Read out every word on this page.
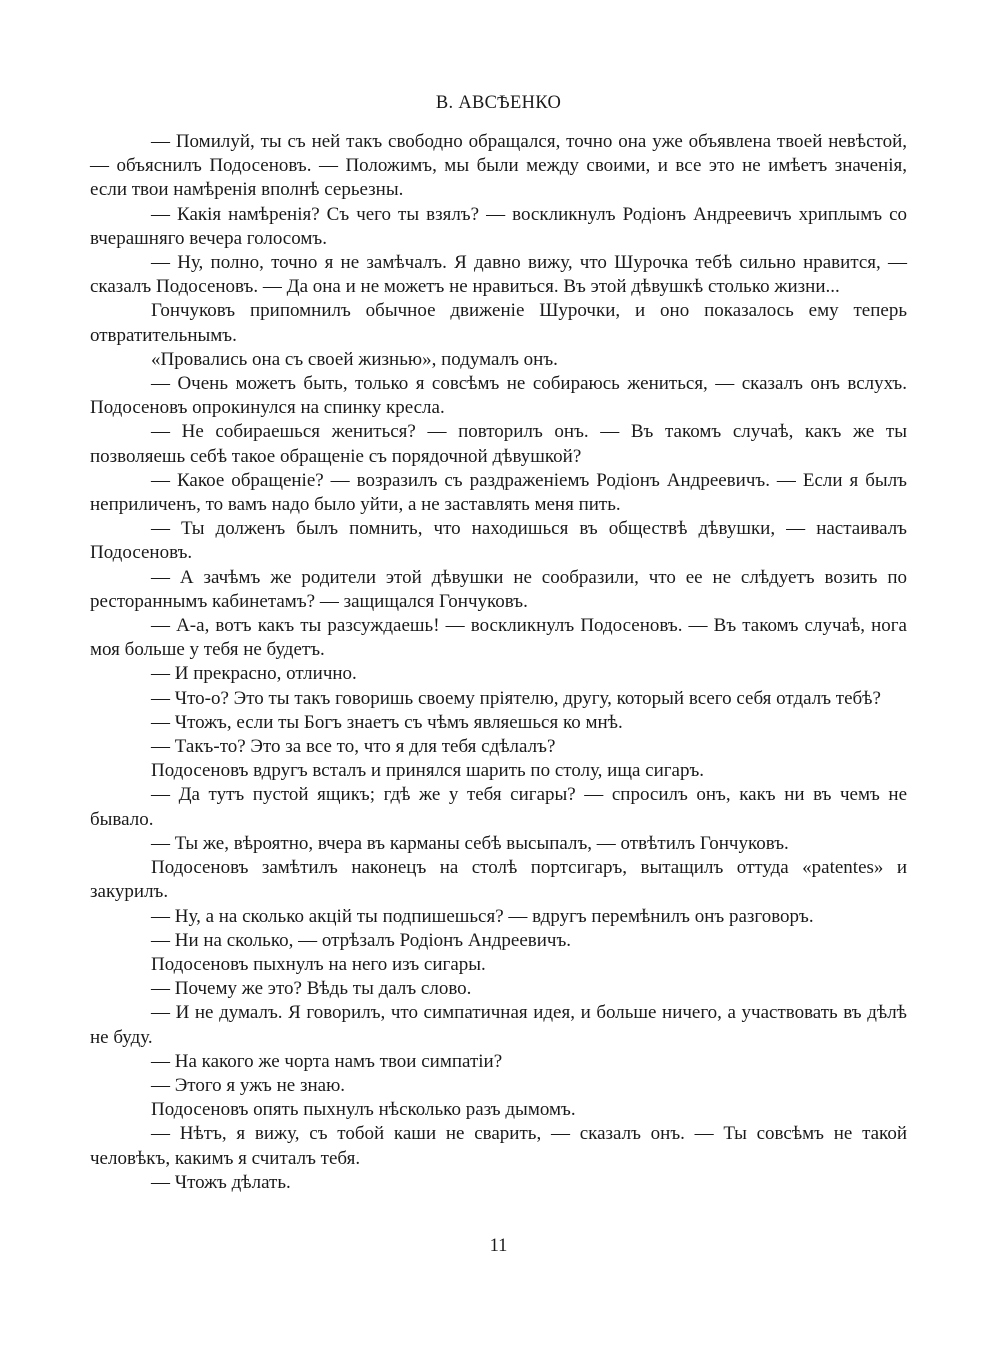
В. АВСѢЕНКО

— Помилуй, ты съ ней такъ свободно обращался, точно она уже объявлена твоей невѣстой, — объяснилъ Подосеновъ. — Положимъ, мы были между своими, и все это не имѣетъ значенія, если твои намѣренія вполнѣ серьезны.

— Какія намѣренія? Съ чего ты взялъ? — воскликнулъ Родіонъ Андреевичъ хриплымъ со вчерашняго вечера голосомъ.

— Ну, полно, точно я не замѣчалъ. Я давно вижу, что Шурочка тебѣ сильно нравится, — сказалъ Подосеновъ. — Да она и не можетъ не нравиться. Въ этой дѣвушкѣ столько жизни...

Гончуковъ припомнилъ обычное движеніе Шурочки, и оно показалось ему теперь отвратительнымъ.

«Провались она съ своей жизнью», подумалъ онъ.

— Очень можетъ быть, только я совсѣмъ не собираюсь жениться, — сказалъ онъ вслухъ. Подосеновъ опрокинулся на спинку кресла.

— Не собираешься жениться? — повторилъ онъ. — Въ такомъ случаѣ, какъ же ты позволяешь себѣ такое обращеніе съ порядочной дѣвушкой?

— Какое обращеніе? — возразилъ съ раздраженіемъ Родіонъ Андреевичъ. — Если я былъ неприличенъ, то вамъ надо было уйти, а не заставлять меня пить.

— Ты долженъ былъ помнить, что находишься въ обществѣ дѣвушки, — настаивалъ Подосеновъ.

— А зачѣмъ же родители этой дѣвушки не сообразили, что ее не слѣдуетъ возить по рестораннымъ кабинетамъ? — защищался Гончуковъ.

— А-а, вотъ какъ ты разсуждаешь! — воскликнулъ Подосеновъ. — Въ такомъ случаѣ, нога моя больше у тебя не будетъ.

— И прекрасно, отлично.

— Что-о? Это ты такъ говоришь своему пріятелю, другу, который всего себя отдалъ тебѣ?

— Чтожъ, если ты Богъ знаетъ съ чѣмъ являешься ко мнѣ.

— Такъ-то? Это за все то, что я для тебя сдѣлалъ?

Подосеновъ вдругъ всталъ и принялся шарить по столу, ища сигаръ.

— Да тутъ пустой ящикъ; гдѣ же у тебя сигары? — спросилъ онъ, какъ ни въ чемъ не бывало.

— Ты же, вѣроятно, вчера въ карманы себѣ высыпалъ, — отвѣтилъ Гончуковъ.

Подосеновъ замѣтилъ наконецъ на столѣ портсигаръ, вытащилъ оттуда «patentes» и закурилъ.

— Ну, а на сколько акцій ты подпишешься? — вдругъ перемѣнилъ онъ разговоръ.

— Ни на сколько, — отрѣзалъ Родіонъ Андреевичъ.

Подосеновъ пыхнулъ на него изъ сигары.

— Почему же это? Вѣдь ты далъ слово.

— И не думалъ. Я говорилъ, что симпатичная идея, и больше ничего, а участвовать въ дѣлѣ не буду.

— На какого же чорта намъ твои симпатіи?

— Этого я ужъ не знаю.

Подосеновъ опять пыхнулъ нѣсколько разъ дымомъ.

— Нѣтъ, я вижу, съ тобой каши не сварить, — сказалъ онъ. — Ты совсѣмъ не такой человѣкъ, какимъ я считалъ тебя.

— Чтожъ дѣлать.

11
